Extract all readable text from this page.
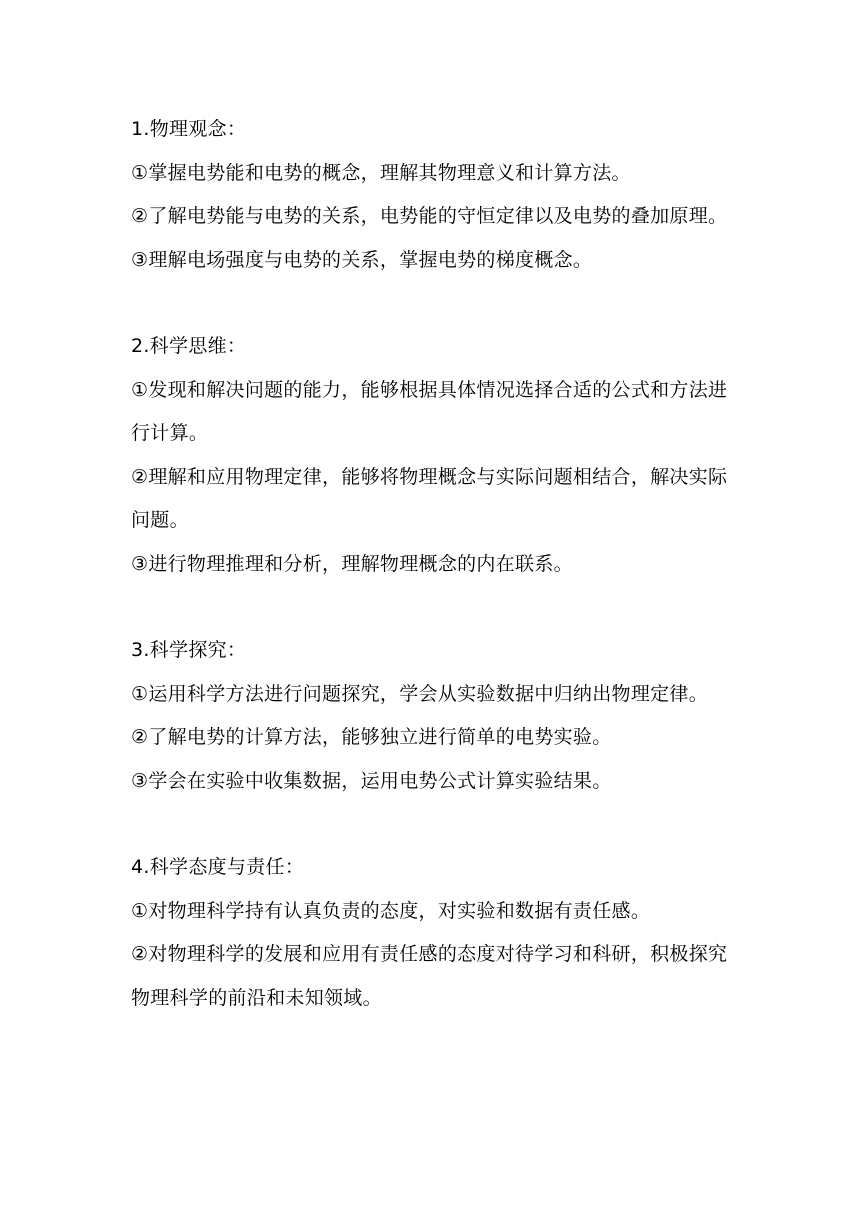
1.物理观念：

①掌握电势能和电势的概念，理解其物理意义和计算方法。

②了解电势能与电势的关系，电势能的守恒定律以及电势的叠加原理。

③理解电场强度与电势的关系，掌握电势的梯度概念。

2.科学思维：

①发现和解决问题的能力，能够根据具体情况选择合适的公式和方法进行计算。

②理解和应用物理定律，能够将物理概念与实际问题相结合，解决实际问题。

③进行物理推理和分析，理解物理概念的内在联系。

3.科学探究：

①运用科学方法进行问题探究，学会从实验数据中归纳出物理定律。

②了解电势的计算方法，能够独立进行简单的电势实验。

③学会在实验中收集数据，运用电势公式计算实验结果。

4.科学态度与责任：

①对物理科学持有认真负责的态度，对实验和数据有责任感。

②对物理科学的发展和应用有责任感的态度对待学习和科研，积极探究物理科学的前沿和未知领域。
